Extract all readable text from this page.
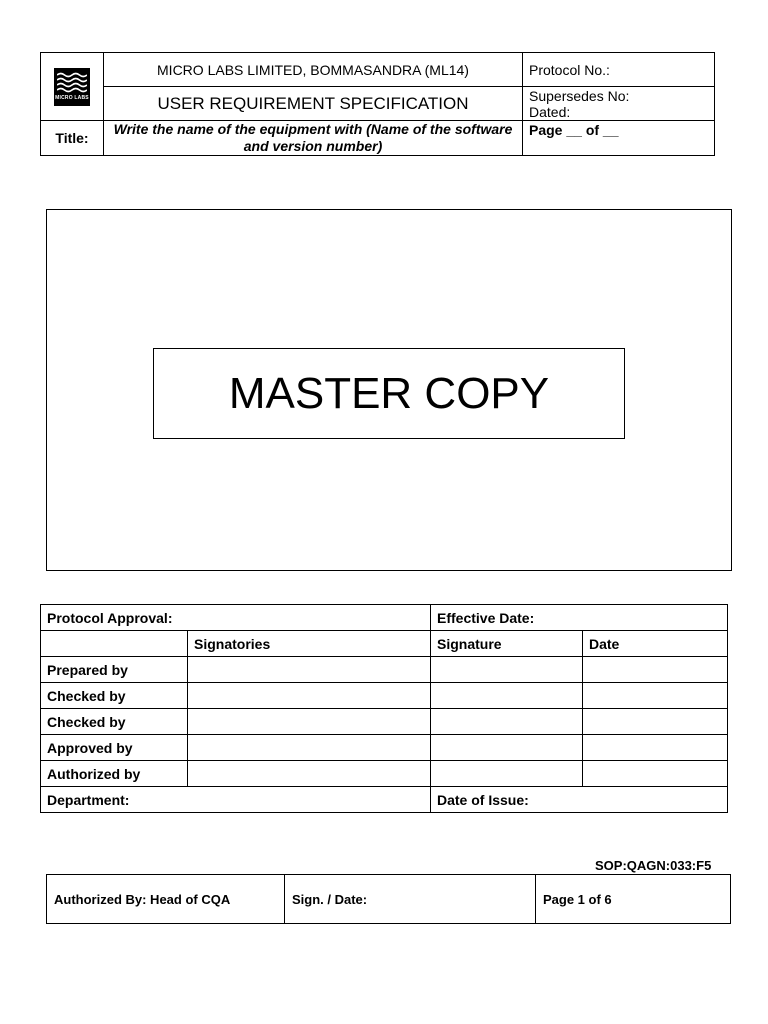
MICRO LABS	MICRO LABS LIMITED, BOMMASANDRA (ML14)	Protocol No.:
	USER REQUIREMENT SPECIFICATION	Supersedes No:
Dated:

Title:	Write the name of the equipment with (Name of the software and version number)	Page __ of __
MASTER COPY
Protocol Approval:		Effective Date:	
	Signatories	Signature	Date
Prepared by			
Checked by			
Checked by			
Approved by			
Authorized by			
Department:		Date of Issue:	
SOP:QAGN:033:F5
Authorized By: Head of CQA	Sign. / Date:	Page 1 of 6
